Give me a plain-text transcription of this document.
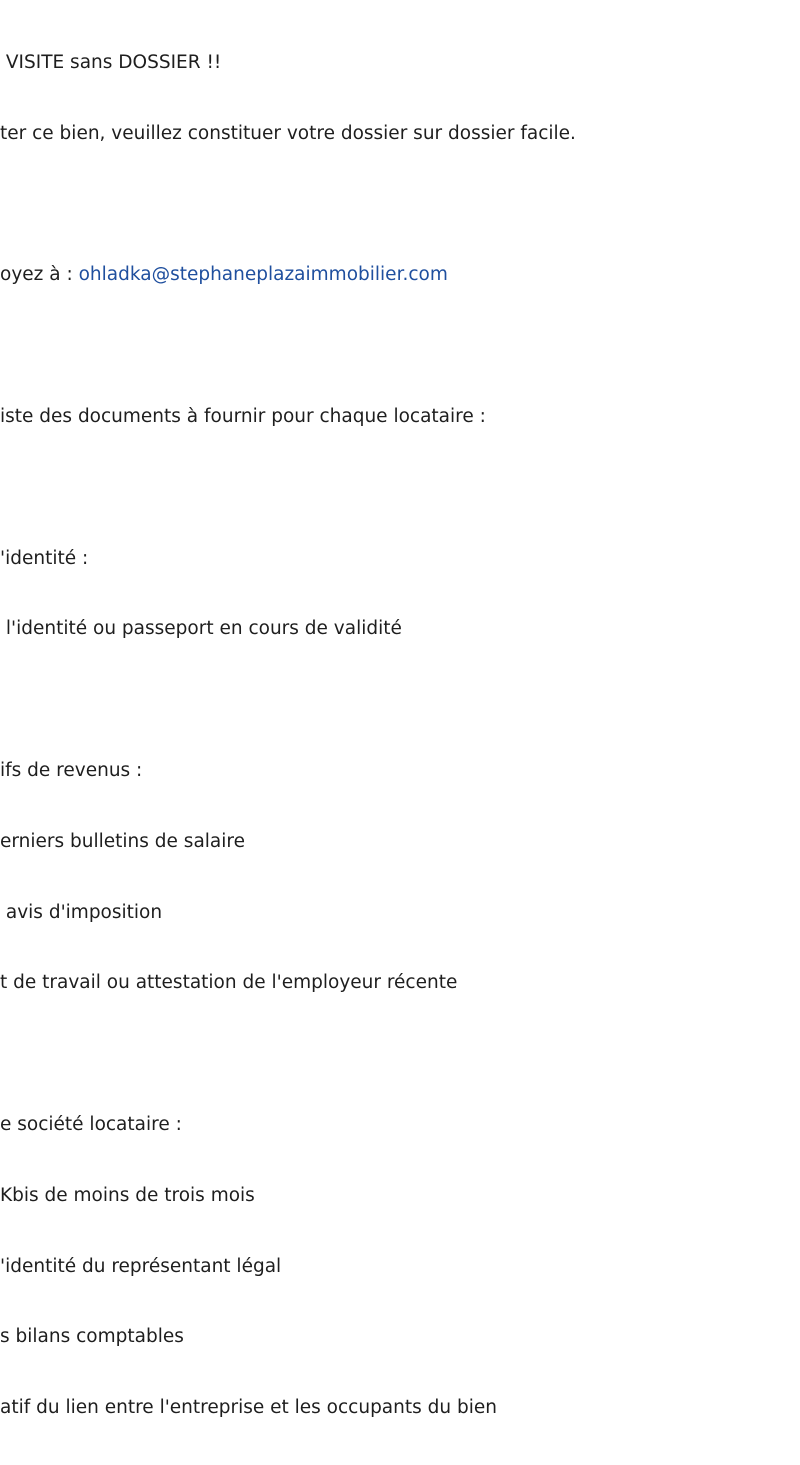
VISITE sans DOSSIER !!

ter ce bien, veuillez constituer votre dossier sur dossier facile.

oyez à : ohladka@stephaneplazaimmobilier.com

iste des documents à fournir pour chaque locataire :

'identité :

l'identité ou passeport en cours de validité

ifs de revenus :

erniers bulletins de salaire

avis d'imposition

t de travail ou attestation de l'employeur récente

e société locataire :

Kbis de moins de trois mois

'identité du représentant légal

s bilans comptables

atif du lien entre l'entreprise et les occupants du bien
